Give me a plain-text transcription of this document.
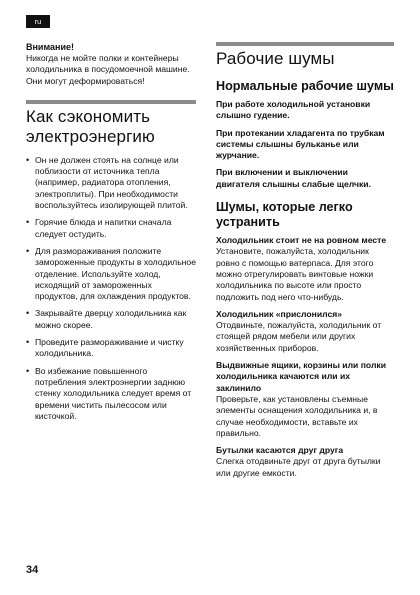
ru
Внимание!

Никогда не мойте полки и контейнеры холодильника в посудомоечной машине. Они могут деформироваться!

Как сэкономить электроэнергию
• Он не должен стоять на солнце или поблизости от источника тепла (например, радиатора отопления, электроплиты). При необходимости воспользуйтесь изолирующей плитой.
• Горячие блюда и напитки сначала следует остудить.
• Для размораживания положите замороженные продукты в холодильное отделение. Используйте холод, исходящий от замороженных продуктов, для охлаждения продуктов.
• Закрывайте дверцу холодильника как можно скорее.
• Проведите размораживание и чистку холодильника.
• Во избежание повышенного потребления электроэнергии заднюю стенку холодильника следует время от времени чистить пылесосом или кисточкой.
Рабочие шумы
Нормальные рабочие шумы

При работе холодильной установки слышно гудение.

При протекании хладагента по трубкам системы слышны бульканье или журчание.

При включении и выключении двигателя слышны слабые щелчки.

Шумы, которые легко устранить

Холодильник стоит не на ровном месте

Установите, пожалуйста, холодильник ровно с помощью ватерпаса. Для этого можно отрегулировать винтовые ножки холодильника по высоте или просто подложить под него что-нибудь.

Холодильник «прислонился»

Отодвиньте, пожалуйста, холодильник от стоящей рядом мебели или других хозяйственных приборов.

Выдвижные ящики, корзины или полки холодильника качаются или их заклинило

Проверьте, как установлены съемные элементы оснащения холодильника и, в случае необходимости, вставьте их правильно.

Бутылки касаются друг друга

Слегка отодвиньте друг от друга бутылки или другие емкости.

34
